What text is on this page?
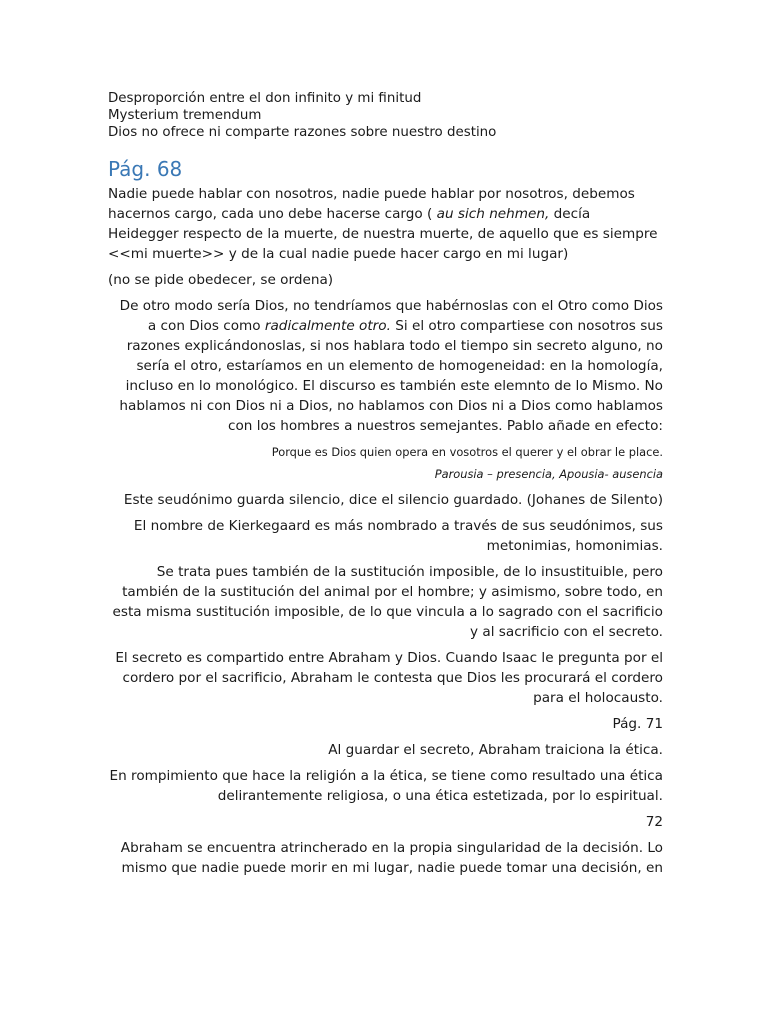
Desproporción entre el don infinito y mi finitud

Mysterium tremendum

Dios no ofrece ni comparte razones sobre nuestro destino

Pág. 68

Nadie puede hablar con nosotros, nadie puede hablar por nosotros, debemos hacernos cargo, cada uno debe hacerse cargo ( au sich nehmen, decía Heidegger respecto de la muerte, de nuestra muerte, de aquello que es siempre <<mi muerte>> y de la cual nadie puede hacer cargo en mi lugar)

(no se pide obedecer, se ordena)

De otro modo sería Dios, no tendríamos que habérnoslas con el Otro como Dios a con Dios como radicalmente otro. Si el otro compartiese con nosotros sus razones explicándonoslas, si nos hablara todo el tiempo sin secreto alguno, no sería el otro, estaríamos en un elemento de homogeneidad: en la homología, incluso en lo monológico. El discurso es también este elemnto de lo Mismo. No hablamos ni con Dios ni a Dios, no hablamos con Dios ni a Dios como hablamos con los hombres a nuestros semejantes. Pablo añade en efecto:

Porque es Dios quien opera en vosotros el querer y el obrar le place.

Parousia – presencia, Apousia- ausencia

Este seudónimo guarda silencio, dice el silencio guardado. (Johanes de Silento)

El nombre de Kierkegaard es más nombrado a través de sus seudónimos, sus metonimias, homonimias.

Se trata pues también de la sustitución imposible, de lo insustituible, pero también de la sustitución del animal por el hombre; y asimismo, sobre todo, en esta misma sustitución imposible, de lo que vincula a lo sagrado con el sacrificio y al sacrificio con el secreto.

El secreto es compartido entre Abraham y Dios. Cuando Isaac le pregunta por el cordero por el sacrificio, Abraham le contesta que Dios les procurará el cordero para el holocausto.

Pág. 71

Al guardar el secreto, Abraham traiciona la ética.

En rompimiento que hace la religión a la ética, se tiene como resultado una ética delirantemente religiosa, o una ética estetizada, por lo espiritual.

72

Abraham se encuentra atrincherado en la propia singularidad de la decisión. Lo mismo que nadie puede morir en mi lugar, nadie puede tomar una decisión, en
